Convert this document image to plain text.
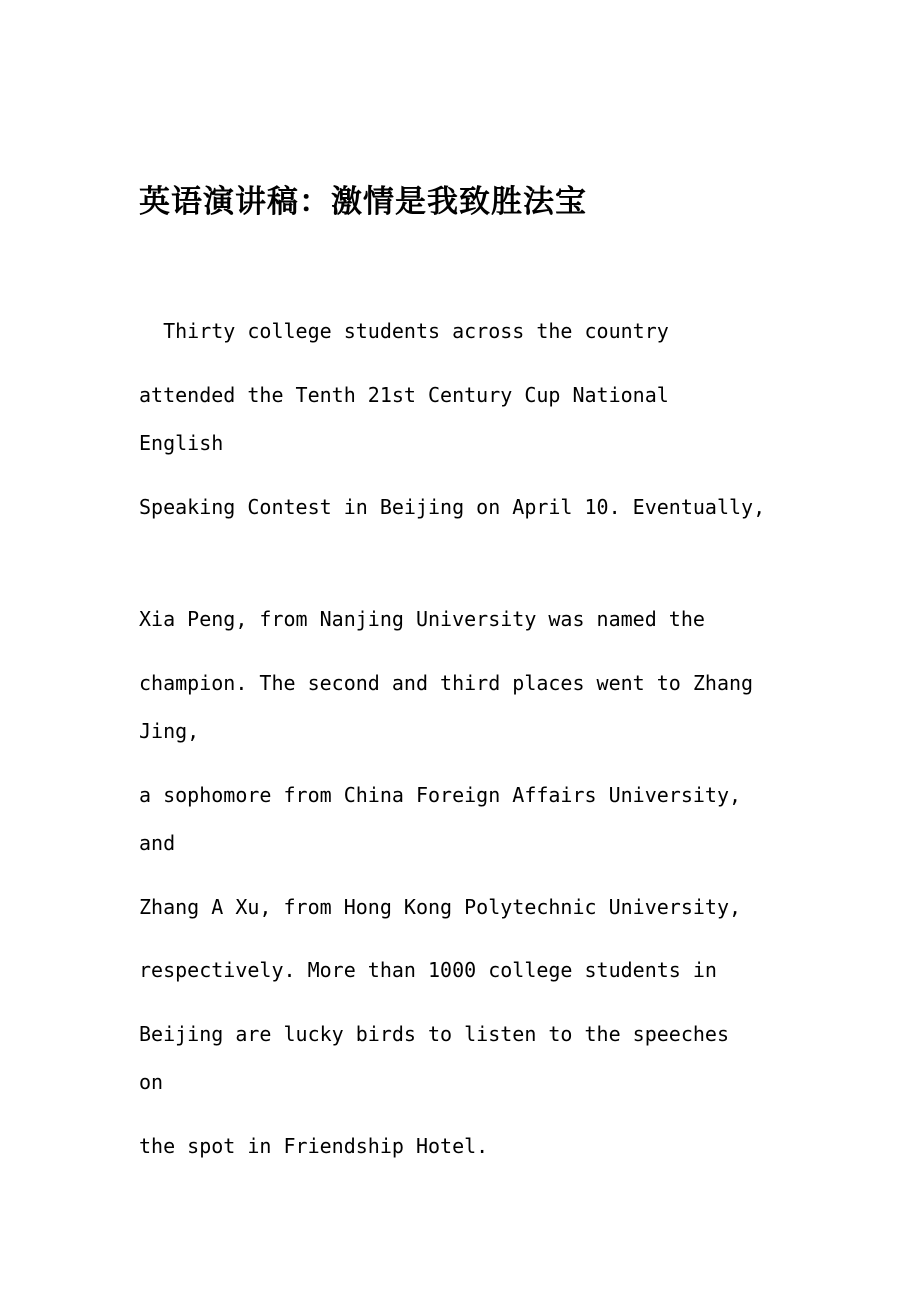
英语演讲稿：激情是我致胜法宝

Thirty college students across the country

attended the Tenth 21st Century Cup National

English

Speaking Contest in Beijing on April 10. Eventually,

Xia Peng, from Nanjing University was named the

champion. The second and third places went to Zhang

Jing,

a sophomore from China Foreign Affairs University,

and

Zhang A Xu, from Hong Kong Polytechnic University,

respectively. More than 1000 college students in

Beijing are lucky birds to listen to the speeches

on

the spot in Friendship Hotel.
